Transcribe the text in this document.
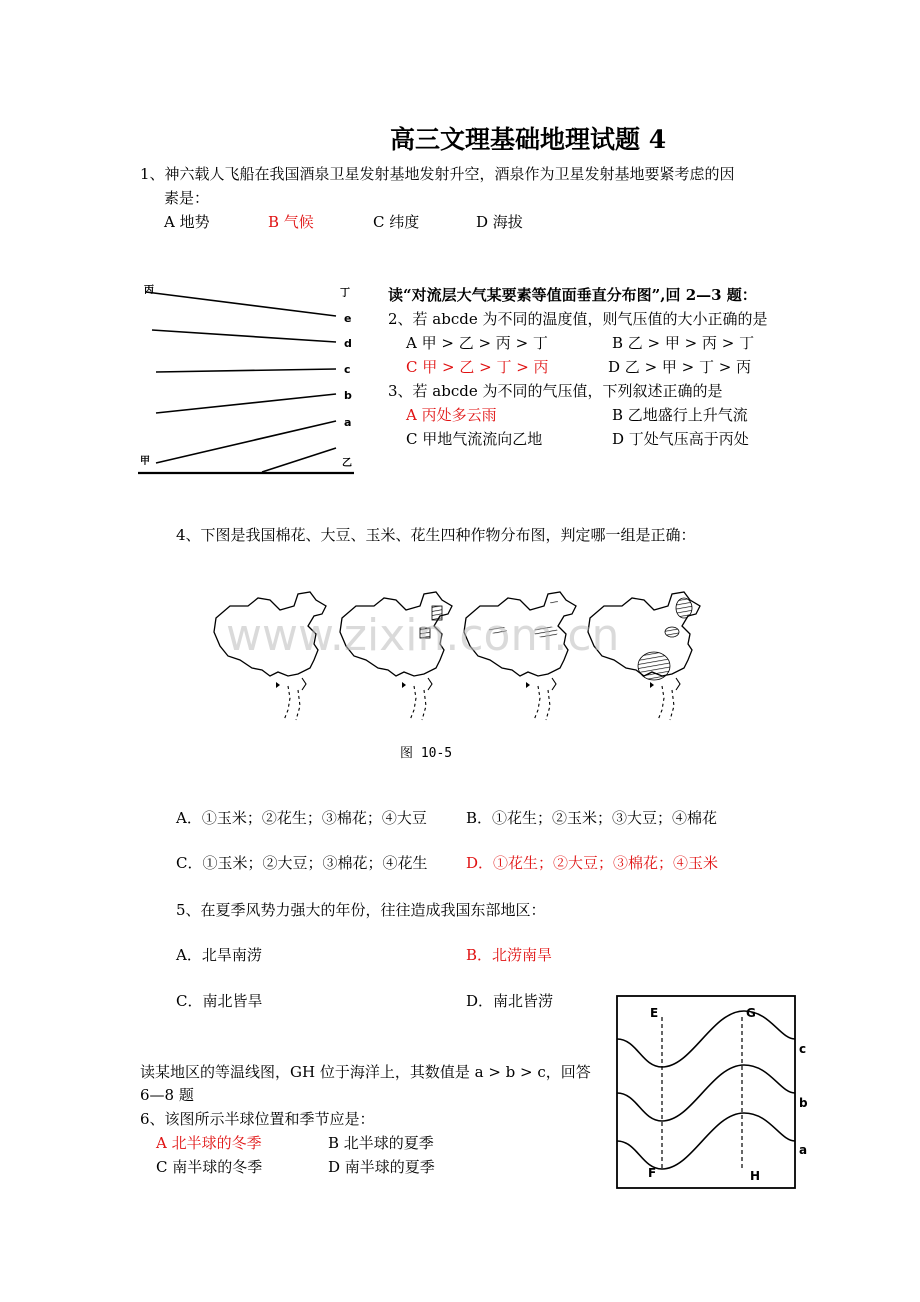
高三文理基础地理试题 4
1、神六载人飞船在我国酒泉卫星发射基地发射升空，酒泉作为卫星发射基地要紧考虑的因
素是：
A 地势	B 气候	C 纬度	D 海拔
丙	丁
e
d
c
b
a
甲	乙
读“对流层大气某要素等值面垂直分布图”,回 2—3 题：
2、若 abcde 为不同的温度值，则气压值的大小正确的是
A 甲 > 乙 > 丙 > 丁	B 乙 > 甲 > 丙 > 丁
C 甲 > 乙 > 丁 > 丙	D 乙 > 甲 > 丁 > 丙
3、若 abcde 为不同的气压值，下列叙述正确的是
A 丙处多云雨	B 乙地盛行上升气流
C 甲地气流流向乙地	D 丁处气压高于丙处
4、下图是我国棉花、大豆、玉米、花生四种作物分布图，判定哪一组是正确：
www.zixin.com.cn
图 10-5
A．①玉米；②花生；③棉花；④大豆	B．①花生；②玉米；③大豆；④棉花
C．①玉米；②大豆；③棉花；④花生	D．①花生；②大豆；③棉花；④玉米
5、在夏季风势力强大的年份，往往造成我国东部地区：
A．北旱南涝	B．北涝南旱
C．南北皆旱	D．南北皆涝
读某地区的等温线图，GH 位于海洋上，其数值是 a > b > c，回答
6—8 题
6、该图所示半球位置和季节应是：
A 北半球的冬季	B 北半球的夏季
C 南半球的冬季	D 南半球的夏季
E	G
F	H
c
b
a
